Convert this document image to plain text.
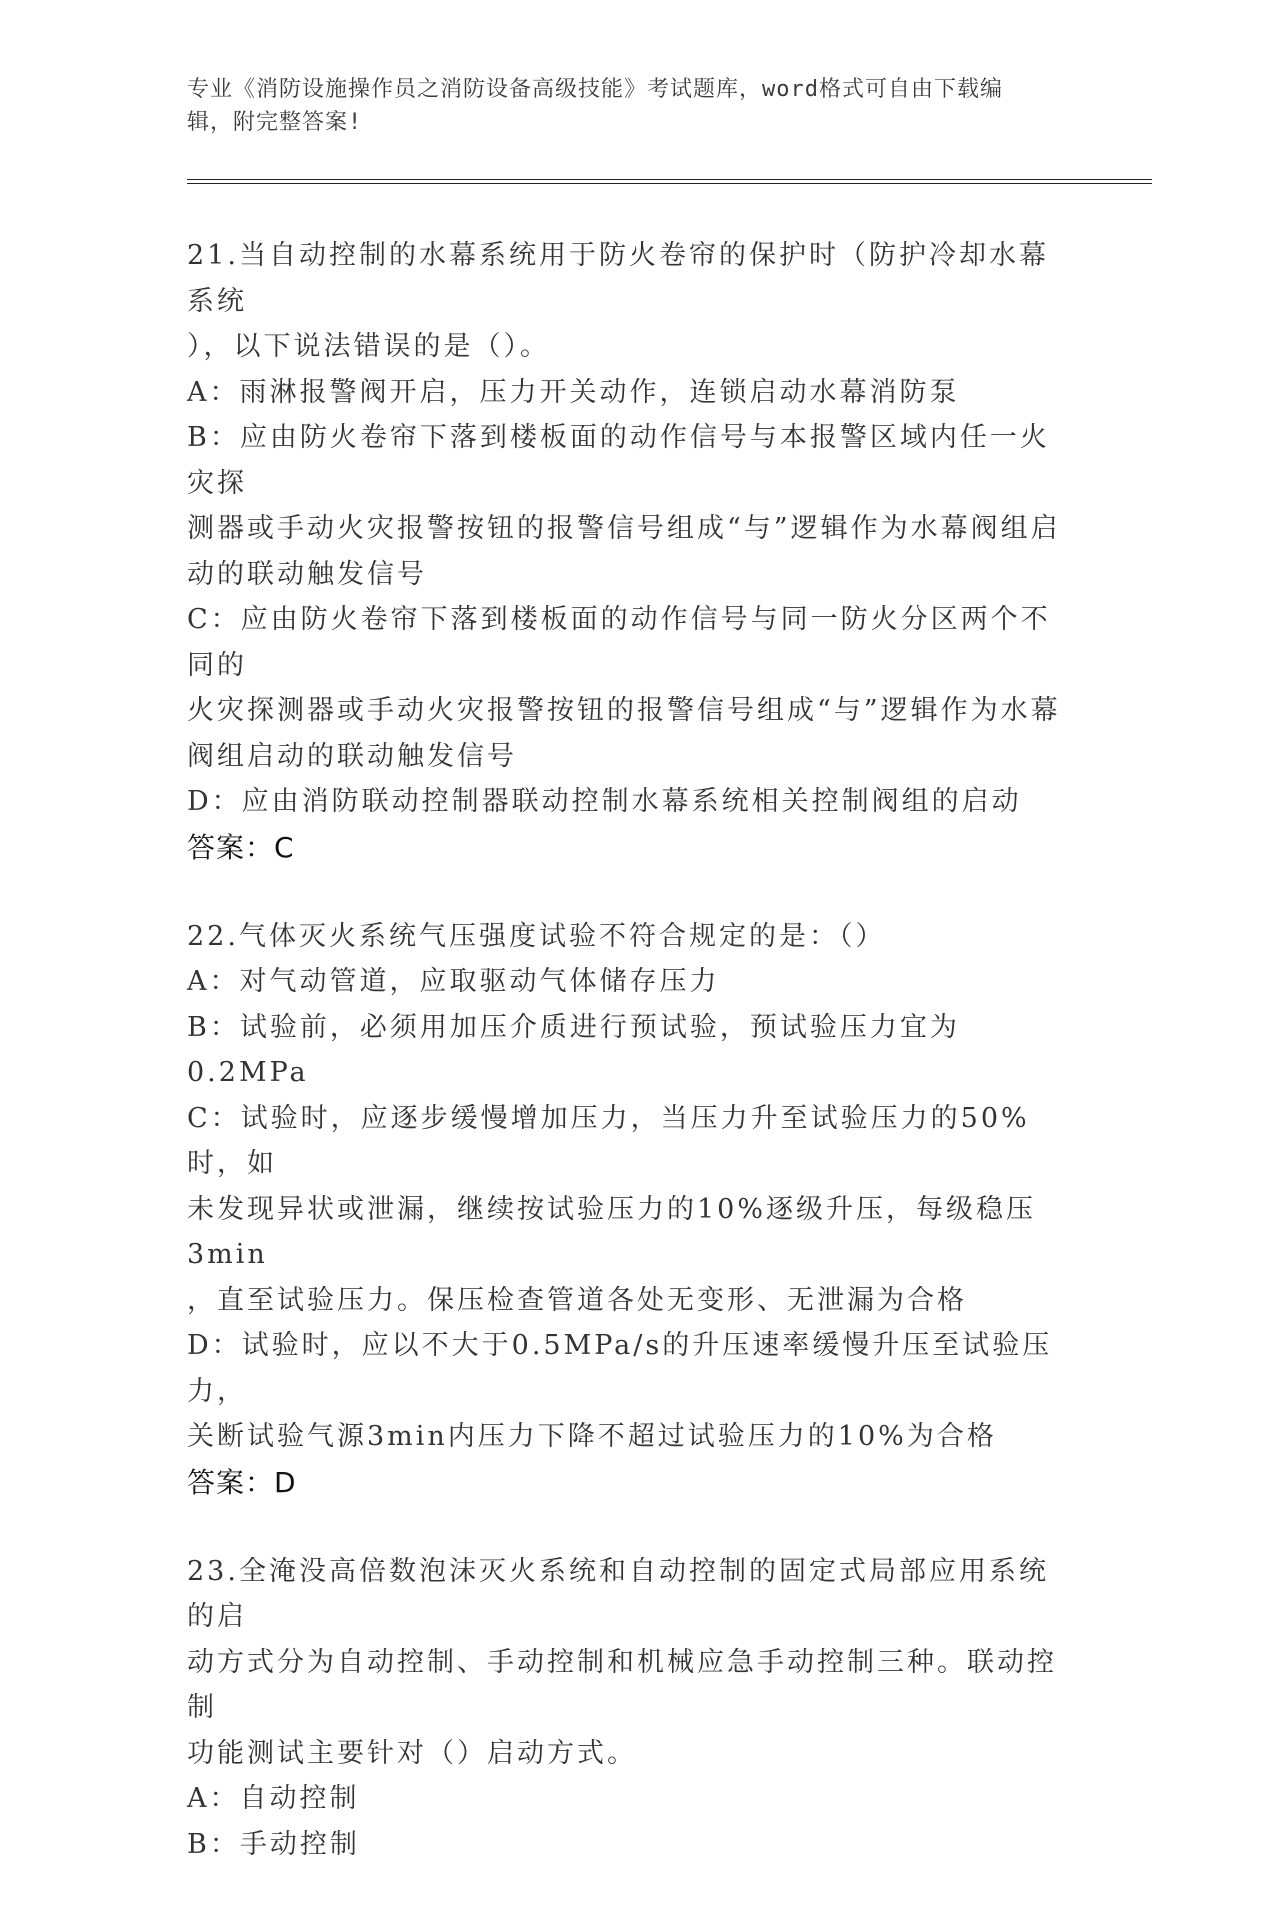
专业《消防设施操作员之消防设备高级技能》考试题库，word格式可自由下载编
辑，附完整答案!
21.当自动控制的水幕系统用于防火卷帘的保护时（防护冷却水幕系统
），以下说法错误的是（）。
A：雨淋报警阀开启，压力开关动作，连锁启动水幕消防泵
B：应由防火卷帘下落到楼板面的动作信号与本报警区域内任一火灾探
测器或手动火灾报警按钮的报警信号组成“与”逻辑作为水幕阀组启
动的联动触发信号
C：应由防火卷帘下落到楼板面的动作信号与同一防火分区两个不同的
火灾探测器或手动火灾报警按钮的报警信号组成“与”逻辑作为水幕
阀组启动的联动触发信号
D：应由消防联动控制器联动控制水幕系统相关控制阀组的启动
答案：C
22.气体灭火系统气压强度试验不符合规定的是：（）
A：对气动管道，应取驱动气体储存压力
B：试验前，必须用加压介质进行预试验，预试验压力宜为0.2MPa
C：试验时，应逐步缓慢增加压力，当压力升至试验压力的50%时，如
未发现异状或泄漏，继续按试验压力的10%逐级升压，每级稳压3min
，直至试验压力。保压检查管道各处无变形、无泄漏为合格
D：试验时，应以不大于0.5MPa/s的升压速率缓慢升压至试验压力，
关断试验气源3min内压力下降不超过试验压力的10%为合格
答案：D
23.全淹没高倍数泡沫灭火系统和自动控制的固定式局部应用系统的启
动方式分为自动控制、手动控制和机械应急手动控制三种。联动控制
功能测试主要针对（）启动方式。
A：自动控制
B：手动控制
